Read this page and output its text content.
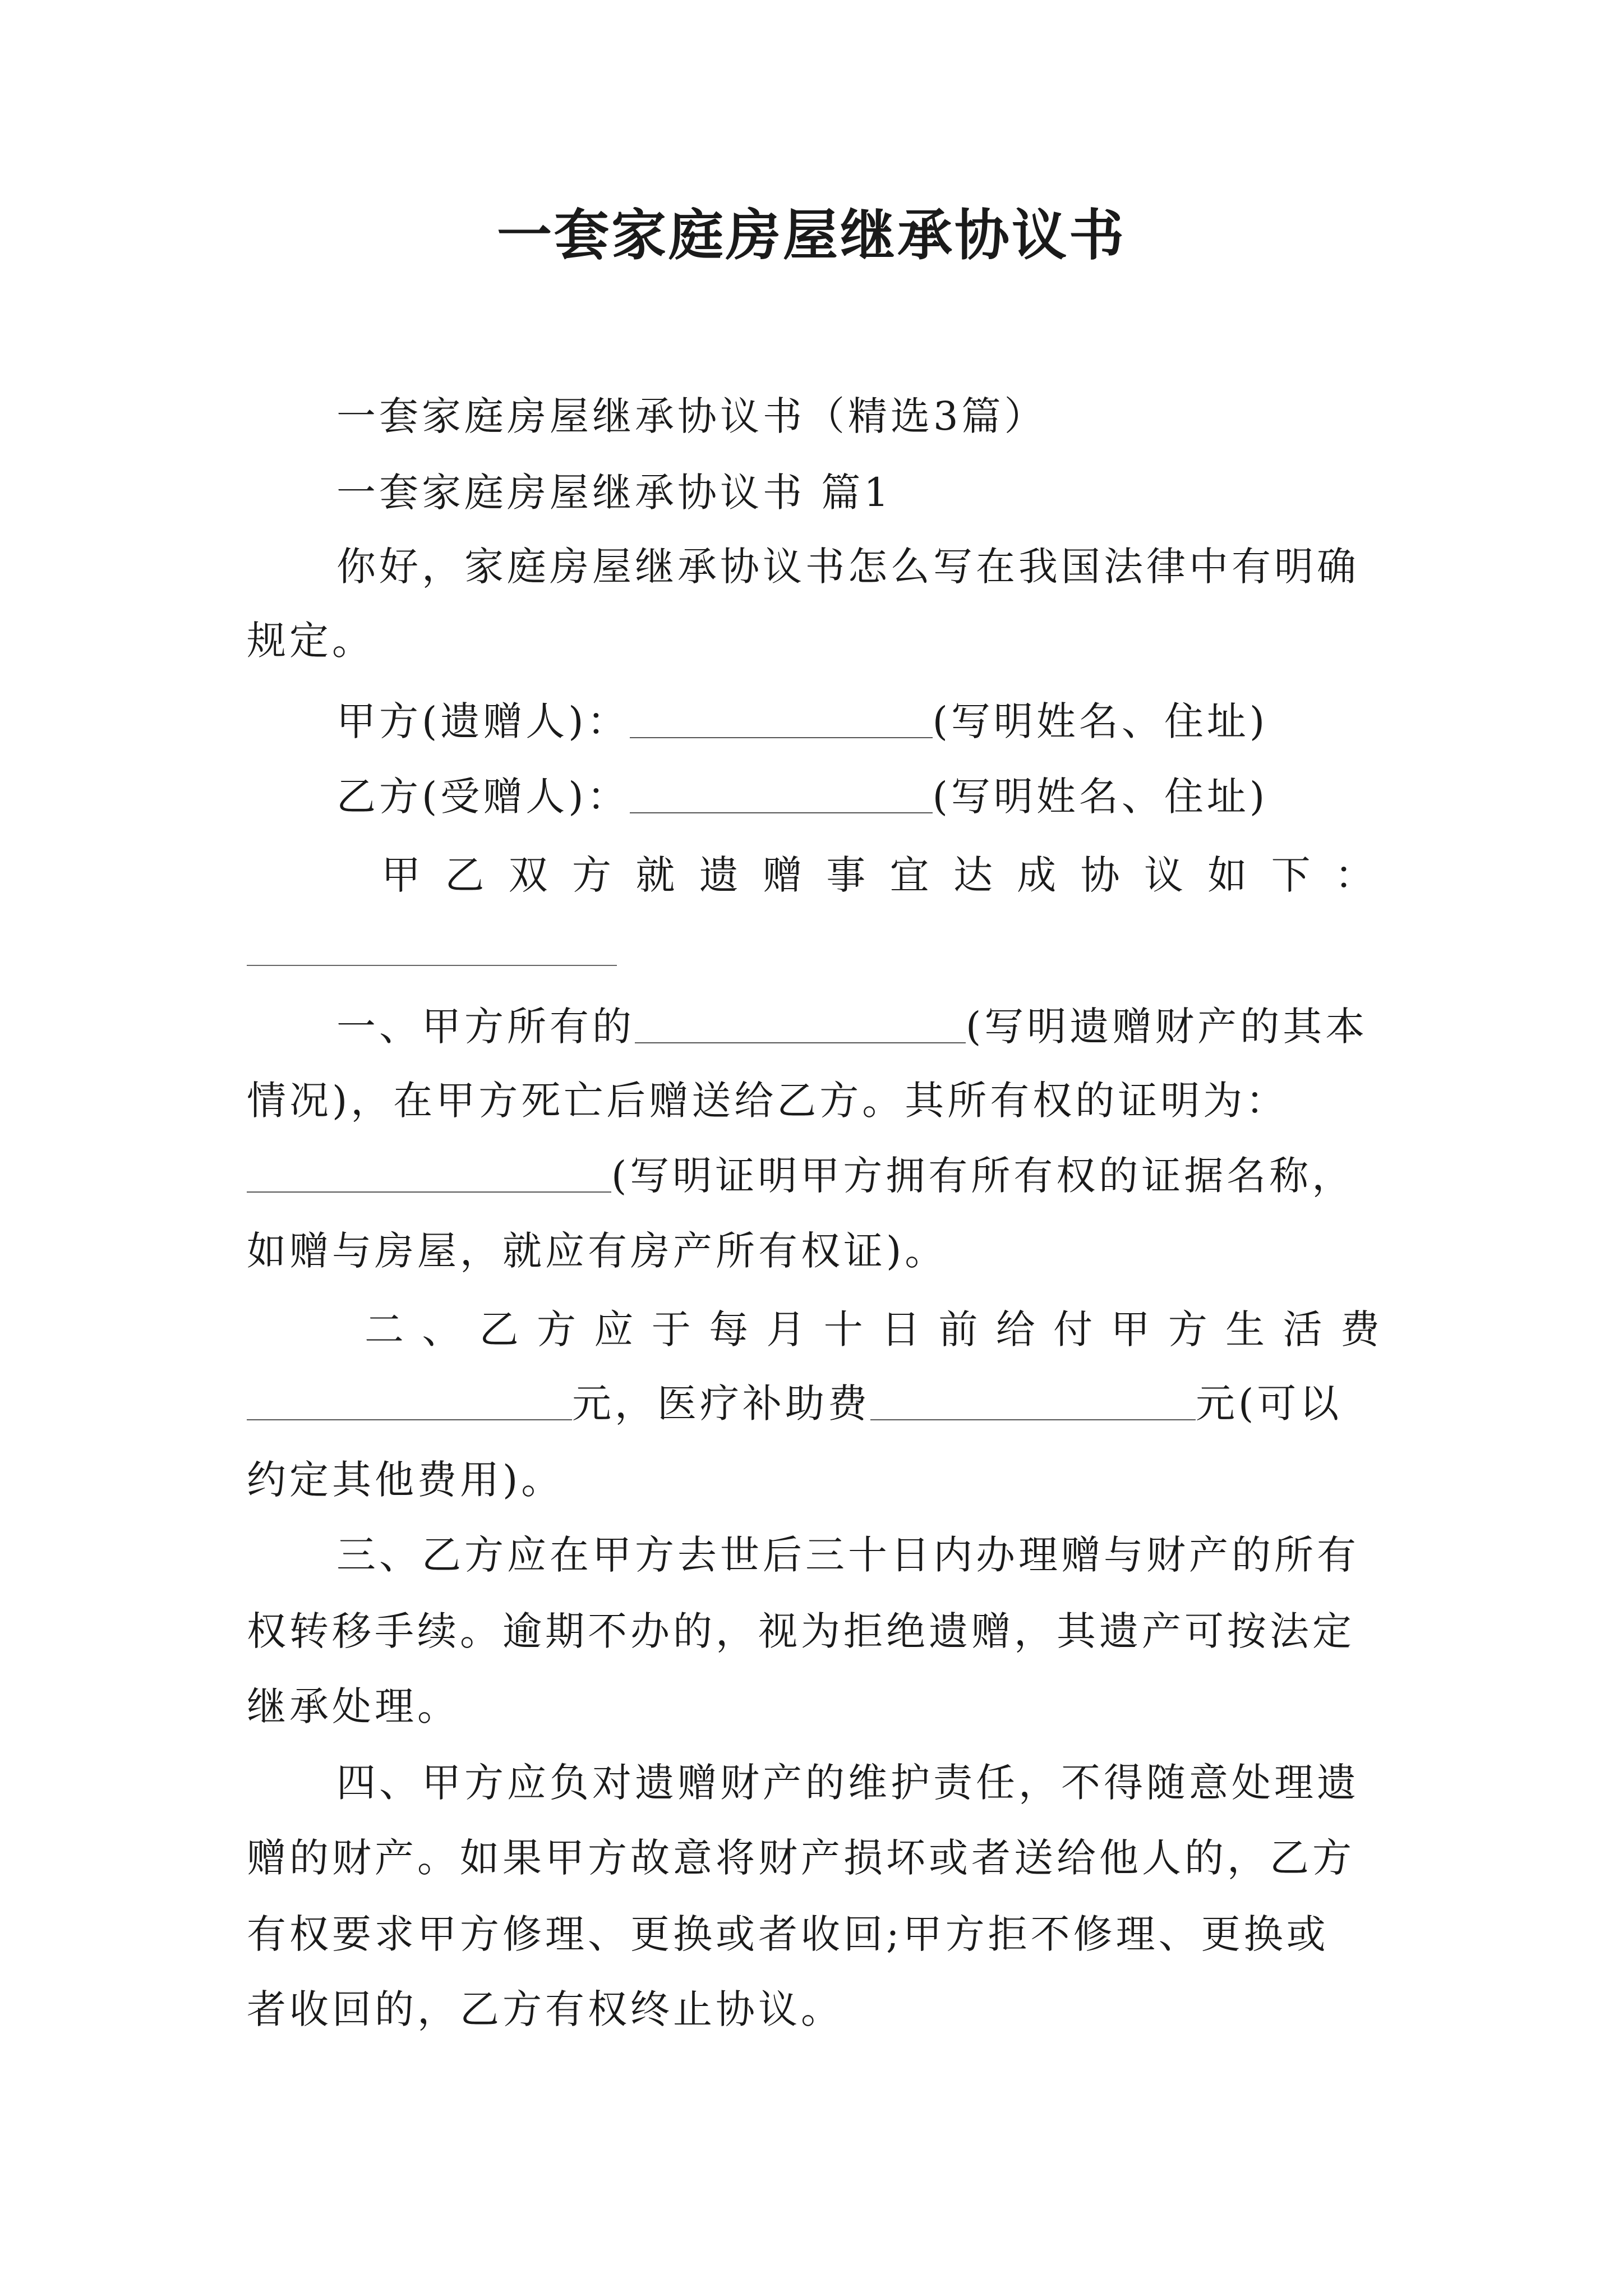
一套家庭房屋继承协议书
一套家庭房屋继承协议书（精选3篇）
一套家庭房屋继承协议书 篇1
你好，家庭房屋继承协议书怎么写在我国法律中有明确
规定。
甲方(遗赠人)：	(写明姓名、住址)
乙方(受赠人)：	(写明姓名、住址)
甲 乙 双 方 就 遗 赠 事 宜 达 成 协 议 如 下 ：
一、甲方所有的	(写明遗赠财产的其本
情况)，在甲方死亡后赠送给乙方。其所有权的证明为：
(写明证明甲方拥有所有权的证据名称，
如赠与房屋，就应有房产所有权证)。
二 、 乙 方 应 于 每 月 十 日 前 给 付 甲 方 生 活 费
元，医疗补助费	元(可以
约定其他费用)。
三、乙方应在甲方去世后三十日内办理赠与财产的所有
权转移手续。逾期不办的，视为拒绝遗赠，其遗产可按法定
继承处理。
四、甲方应负对遗赠财产的维护责任，不得随意处理遗
赠的财产。如果甲方故意将财产损坏或者送给他人的，乙方
有权要求甲方修理、更换或者收回;甲方拒不修理、更换或
者收回的，乙方有权终止协议。
